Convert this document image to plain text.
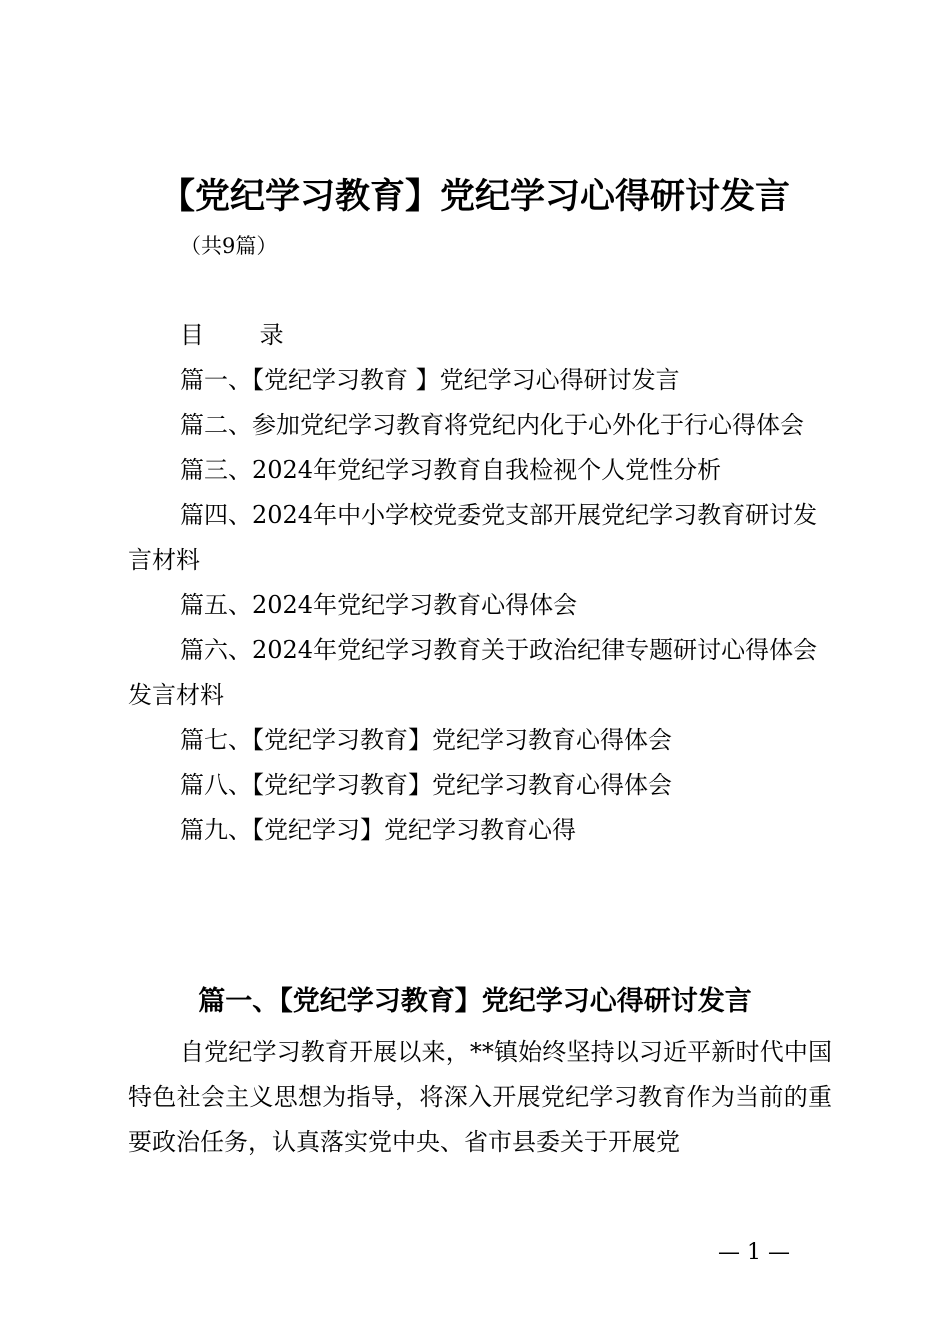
【党纪学习教育】党纪学习心得研讨发言

（共9篇）

目 录

篇一、【党纪学习教育 】党纪学习心得研讨发言
篇二、参加党纪学习教育将党纪内化于心外化于行心得体会
篇三、2024年党纪学习教育自我检视个人党性分析
篇四、2024年中小学校党委党支部开展党纪学习教育研讨发言材料
篇五、2024年党纪学习教育心得体会
篇六、2024年党纪学习教育关于政治纪律专题研讨心得体会发言材料
篇七、【党纪学习教育】党纪学习教育心得体会
篇八、【党纪学习教育】党纪学习教育心得体会
篇九、【党纪学习】党纪学习教育心得
篇一、【党纪学习教育】党纪学习心得研讨发言

自党纪学习教育开展以来，**镇始终坚持以习近平新时代中国特色社会主义思想为指导，将深入开展党纪学习教育作为当前的重要政治任务，认真落实党中央、省市县委关于开展党

— 1 —
